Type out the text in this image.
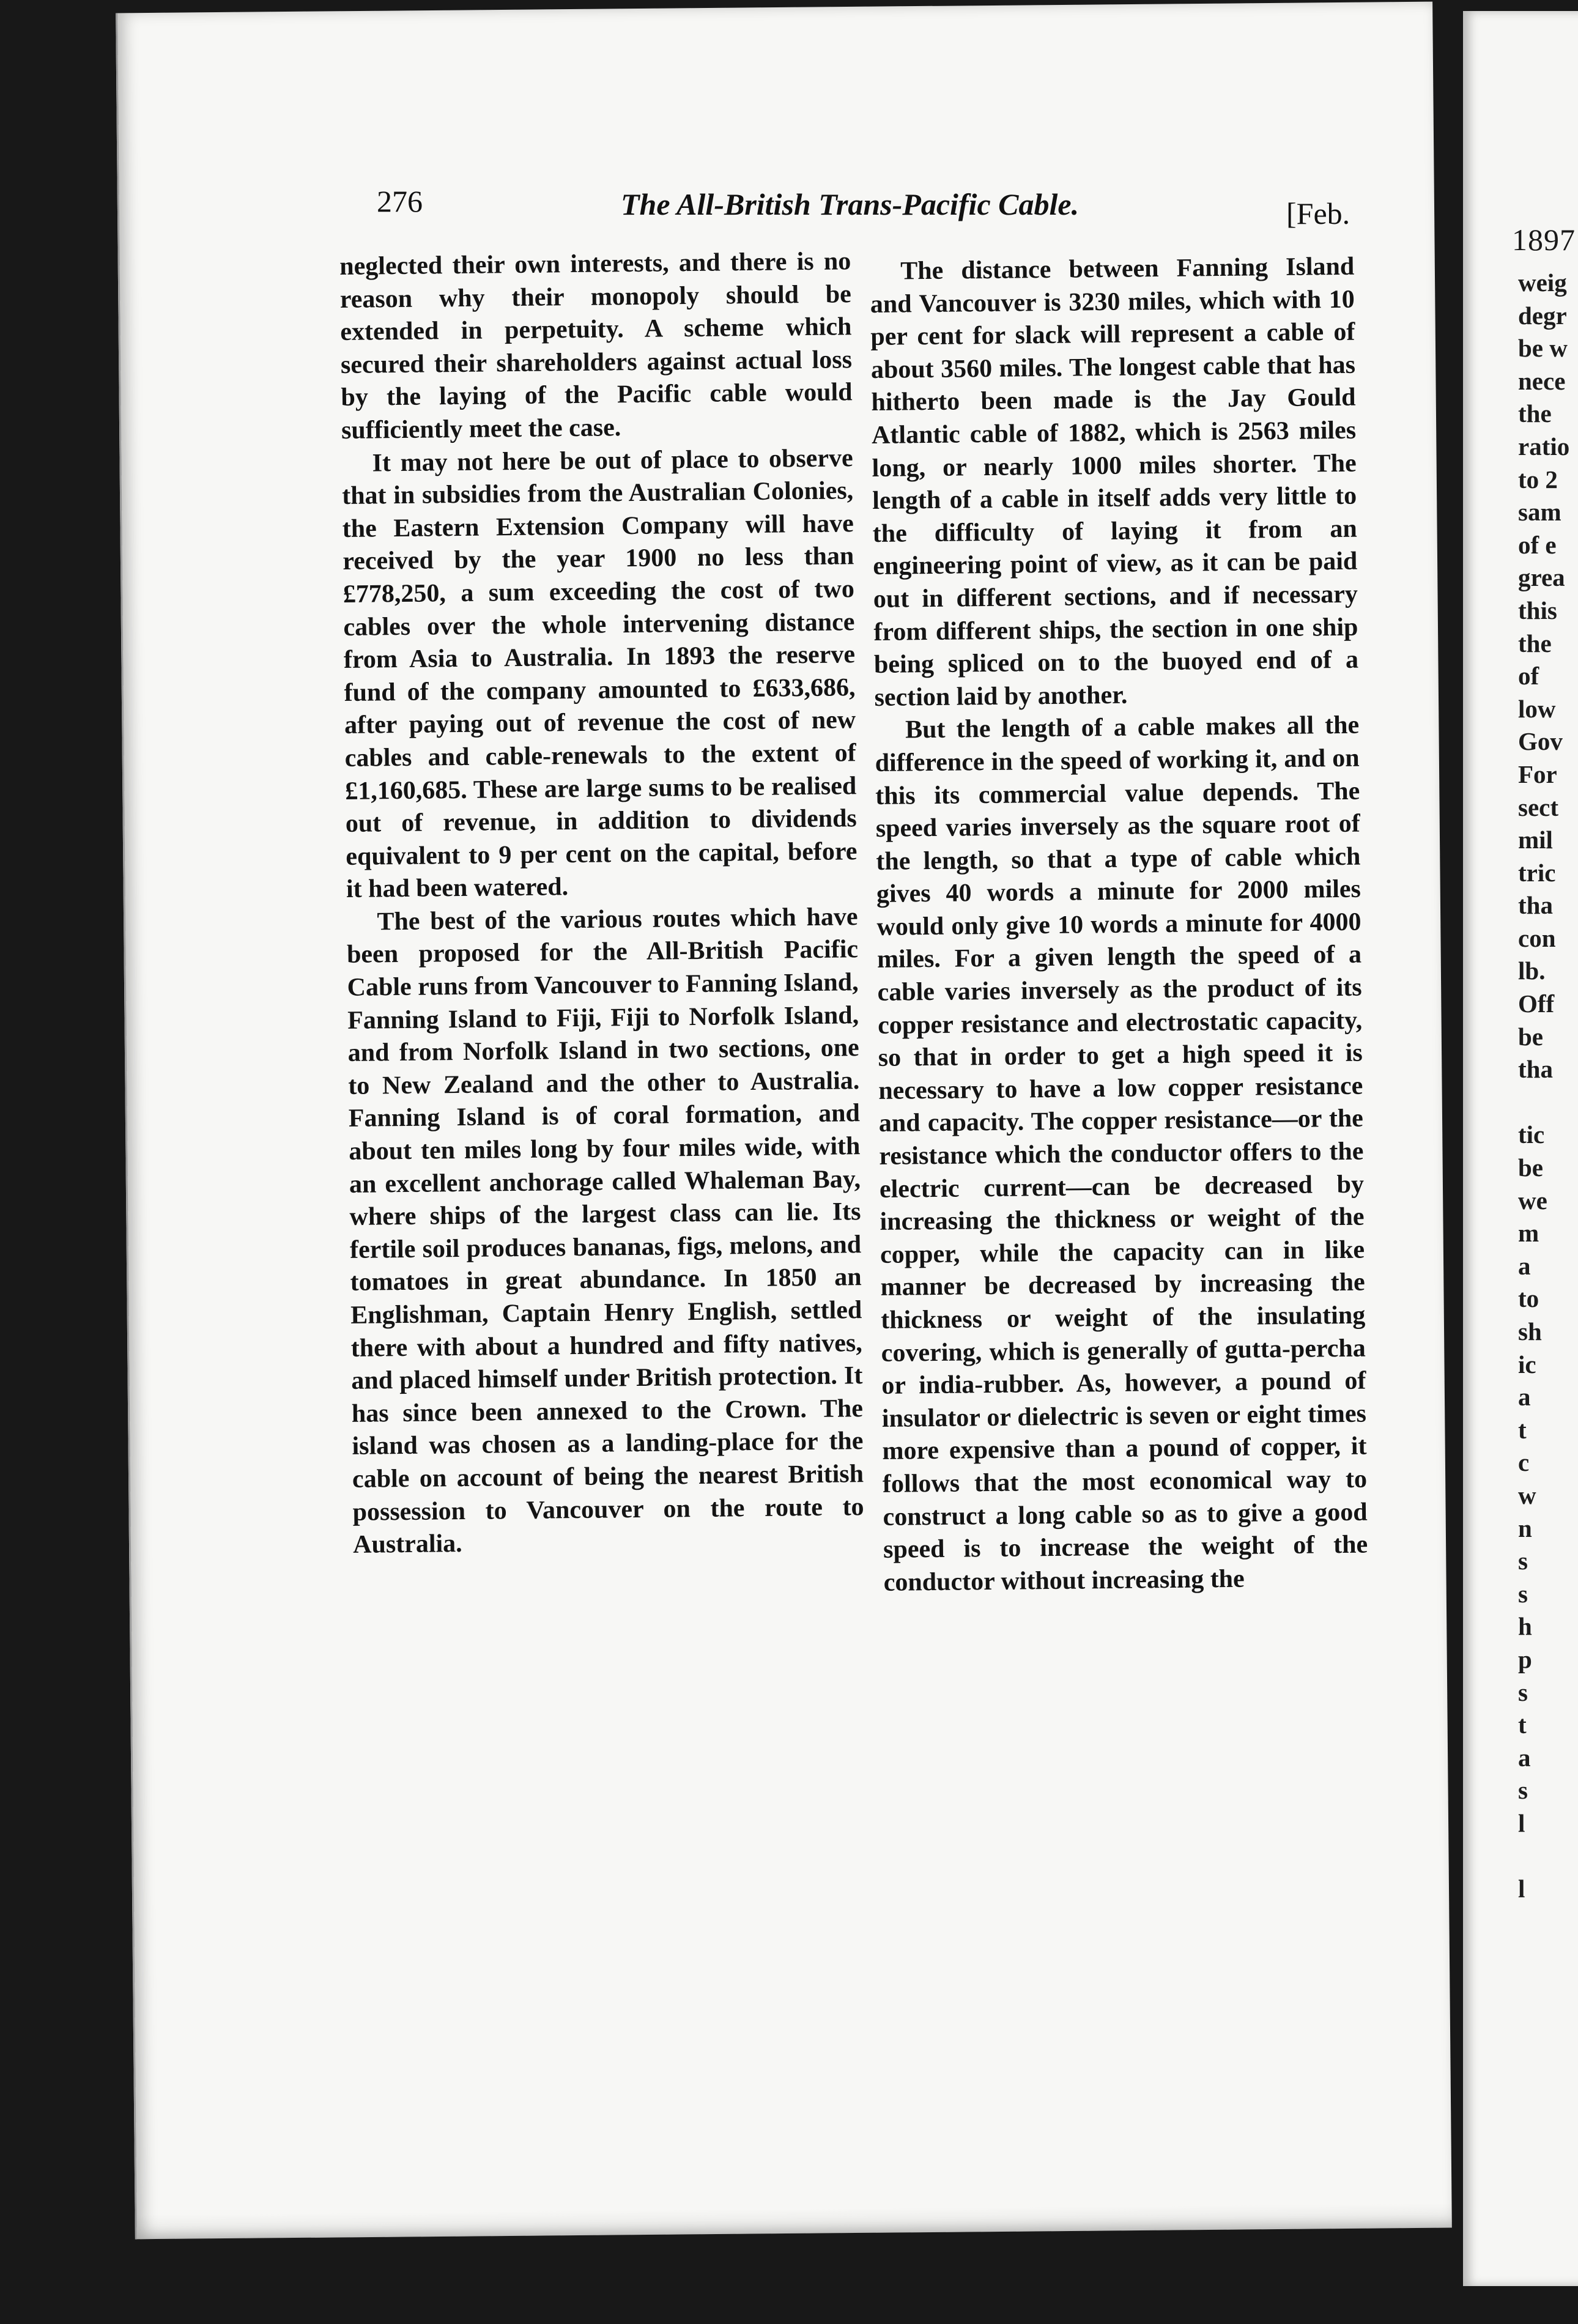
1897
weig
degr
be w
nece
the
ratio
to 2
sam
of e
grea
this
the
of
low
Gov
For
sect
mil
tric
tha
con
lb.
Off
be
tha

tic
be
we
m
a
to
sh
ic
a
t
c
w
n
s
s
h
p
s
t
a
s
l

l
276	The All-British Trans-Pacific Cable.	[Feb.

neglected their own interests, and there is no reason why their monopoly should be extended in perpetuity. A scheme which secured their shareholders against actual loss by the laying of the Pacific cable would sufficiently meet the case.

It may not here be out of place to observe that in subsidies from the Australian Colonies, the Eastern Extension Company will have received by the year 1900 no less than £778,250, a sum exceeding the cost of two cables over the whole intervening distance from Asia to Australia. In 1893 the reserve fund of the company amounted to £633,686, after paying out of revenue the cost of new cables and cable-renewals to the extent of £1,160,685. These are large sums to be realised out of revenue, in addition to dividends equivalent to 9 per cent on the capital, before it had been watered.

The best of the various routes which have been proposed for the All-British Pacific Cable runs from Vancouver to Fanning Island, Fanning Island to Fiji, Fiji to Norfolk Island, and from Norfolk Island in two sections, one to New Zealand and the other to Australia. Fanning Island is of coral formation, and about ten miles long by four miles wide, with an excellent anchorage called Whaleman Bay, where ships of the largest class can lie. Its fertile soil produces bananas, figs, melons, and tomatoes in great abundance. In 1850 an Englishman, Captain Henry English, settled there with about a hundred and fifty natives, and placed himself under British protection. It has since been annexed to the Crown. The island was chosen as a landing-place for the cable on account of being the nearest British possession to Vancouver on the route to Australia.

The distance between Fanning Island and Vancouver is 3230 miles, which with 10 per cent for slack will represent a cable of about 3560 miles. The longest cable that has hitherto been made is the Jay Gould Atlantic cable of 1882, which is 2563 miles long, or nearly 1000 miles shorter. The length of a cable in itself adds very little to the difficulty of laying it from an engineering point of view, as it can be paid out in different sections, and if necessary from different ships, the section in one ship being spliced on to the buoyed end of a section laid by another.

But the length of a cable makes all the difference in the speed of working it, and on this its commercial value depends. The speed varies inversely as the square root of the length, so that a type of cable which gives 40 words a minute for 2000 miles would only give 10 words a minute for 4000 miles. For a given length the speed of a cable varies inversely as the product of its copper resistance and electrostatic capacity, so that in order to get a high speed it is necessary to have a low copper resistance and capacity. The copper resistance—or the resistance which the conductor offers to the electric current—can be decreased by increasing the thickness or weight of the copper, while the capacity can in like manner be decreased by increasing the thickness or weight of the insulating covering, which is generally of gutta-percha or india-rubber. As, however, a pound of insulator or dielectric is seven or eight times more expensive than a pound of copper, it follows that the most economical way to construct a long cable so as to give a good speed is to increase the weight of the conductor without increasing the
